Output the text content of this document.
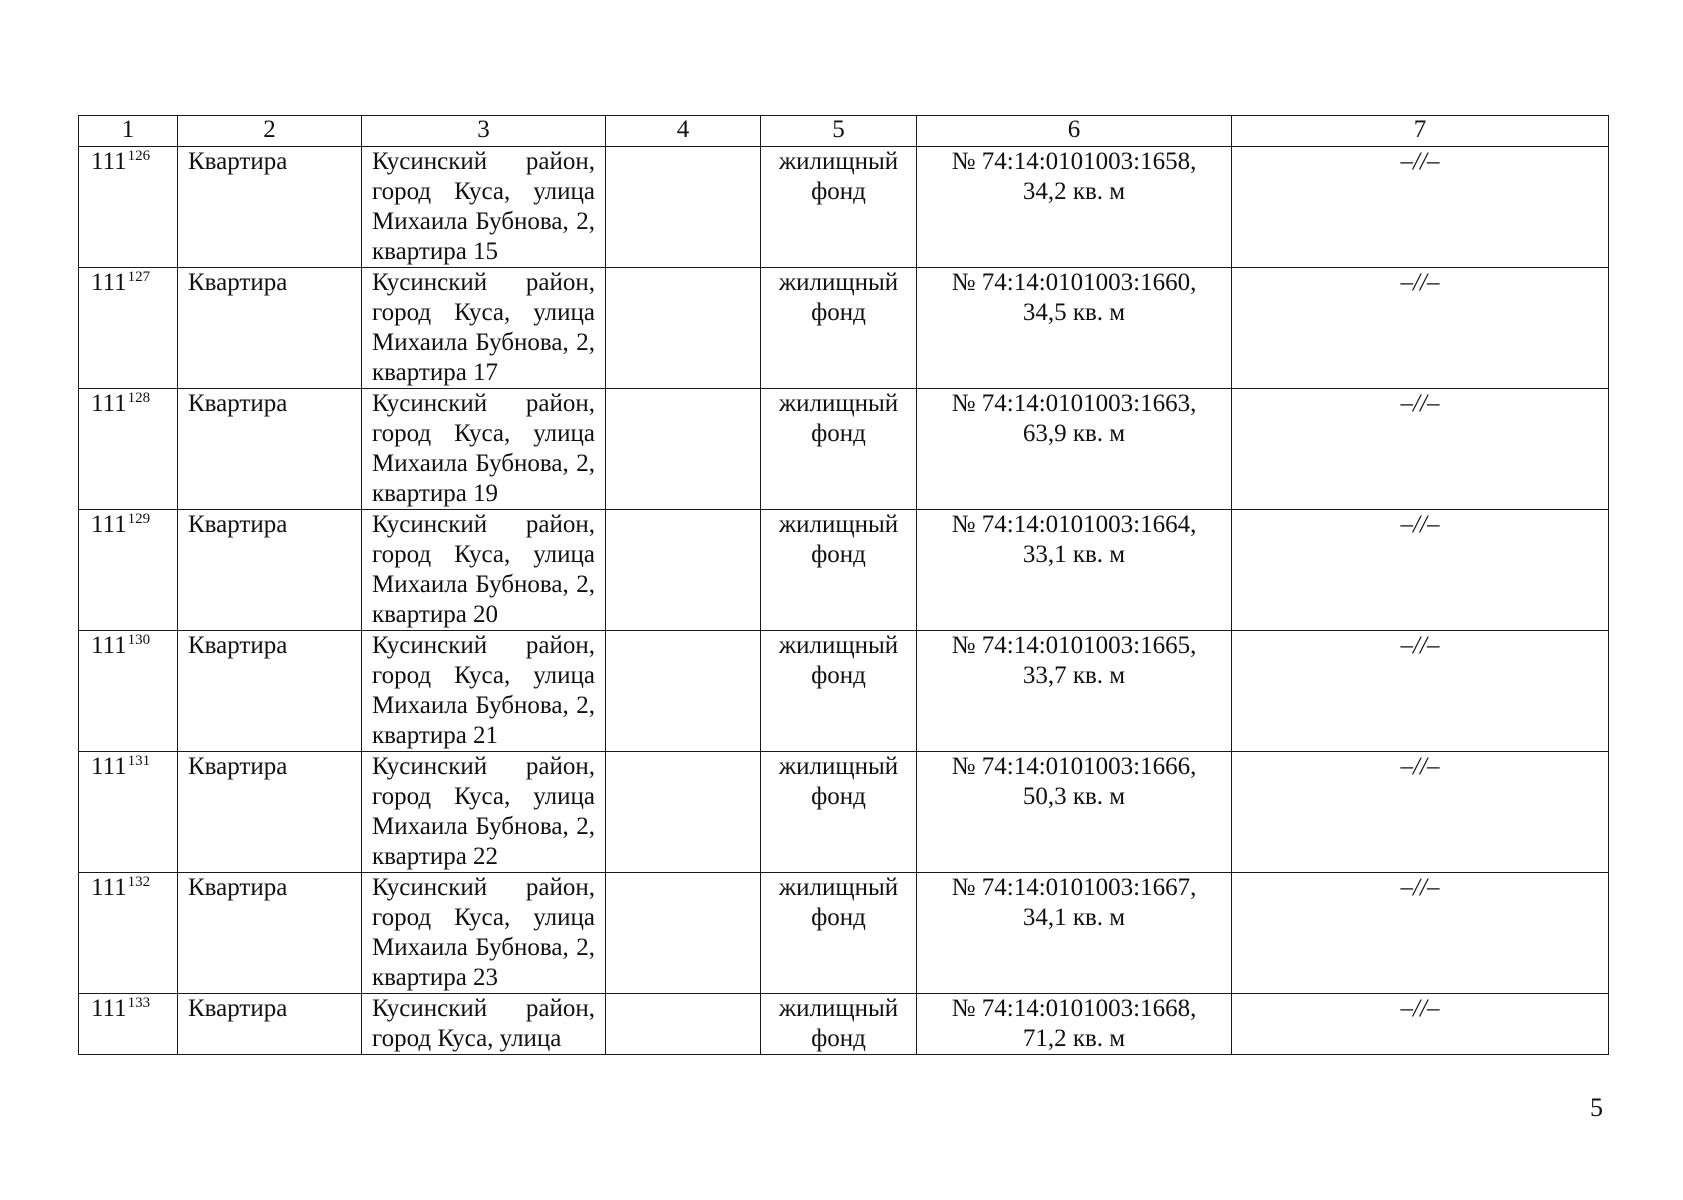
1	2	3	4	5	6	7
$111^{126}$	Квартира	Кусинский район, город Куса, улица Михаила Бубнова, 2, квартира 15		жилищный фонд	№ 74:14:0101003:1658, 34,2 кв. м	–//–
$111^{127}$	Квартира	Кусинский район, город Куса, улица Михаила Бубнова, 2, квартира 17		жилищный фонд	№ 74:14:0101003:1660, 34,5 кв. м	–//–
$111^{128}$	Квартира	Кусинский район, город Куса, улица Михаила Бубнова, 2, квартира 19		жилищный фонд	№ 74:14:0101003:1663, 63,9 кв. м	–//–
$111^{129}$	Квартира	Кусинский район, город Куса, улица Михаила Бубнова, 2, квартира 20		жилищный фонд	№ 74:14:0101003:1664, 33,1 кв. м	–//–
$111^{130}$	Квартира	Кусинский район, город Куса, улица Михаила Бубнова, 2, квартира 21		жилищный фонд	№ 74:14:0101003:1665, 33,7 кв. м	–//–
$111^{131}$	Квартира	Кусинский район, город Куса, улица Михаила Бубнова, 2, квартира 22		жилищный фонд	№ 74:14:0101003:1666, 50,3 кв. м	–//–
$111^{132}$	Квартира	Кусинский район, город Куса, улица Михаила Бубнова, 2, квартира 23		жилищный фонд	№ 74:14:0101003:1667, 34,1 кв. м	–//–
$111^{133}$	Квартира	Кусинский район, город Куса, улица		жилищный фонд	№ 74:14:0101003:1668, 71,2 кв. м	–//–
5
